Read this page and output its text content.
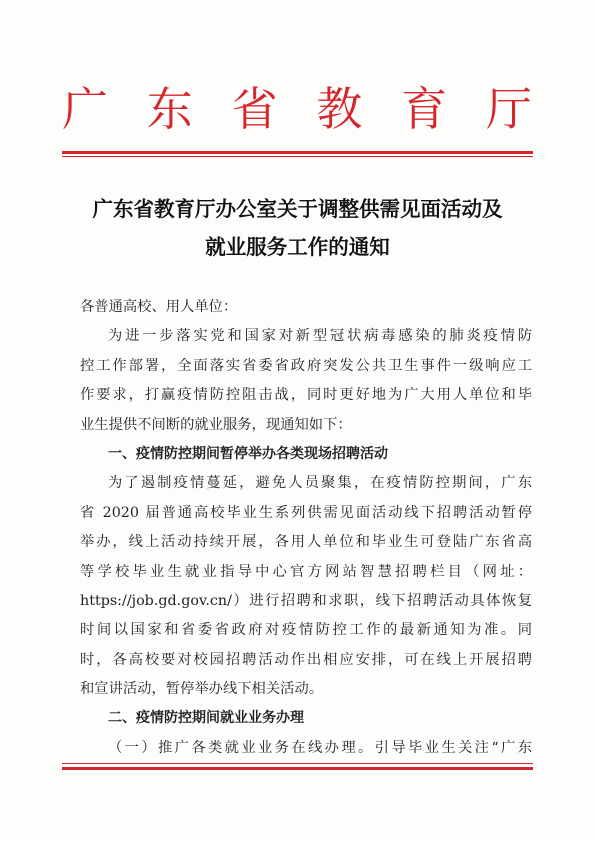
广 东 省 教 育 厅
广东省教育厅办公室关于调整供需见面活动及
就业服务工作的通知
各普通高校、用人单位：
为进一步落实党和国家对新型冠状病毒感染的肺炎疫情防
控工作部署，全面落实省委省政府突发公共卫生事件一级响应工
作要求，打赢疫情防控阻击战，同时更好地为广大用人单位和毕
业生提供不间断的就业服务，现通知如下：
一、疫情防控期间暂停举办各类现场招聘活动
为了遏制疫情蔓延，避免人员聚集，在疫情防控期间，广东
省 2020 届普通高校毕业生系列供需见面活动线下招聘活动暂停
举办，线上活动持续开展，各用人单位和毕业生可登陆广东省高
等学校毕业生就业指导中心官方网站智慧招聘栏目（网址：
https://job.gd.gov.cn/）进行招聘和求职，线下招聘活动具体恢复
时间以国家和省委省政府对疫情防控工作的最新通知为准。同
时，各高校要对校园招聘活动作出相应安排，可在线上开展招聘
和宣讲活动，暂停举办线下相关活动。
二、疫情防控期间就业业务办理
（一）推广各类就业业务在线办理。引导毕业生关注“广东
